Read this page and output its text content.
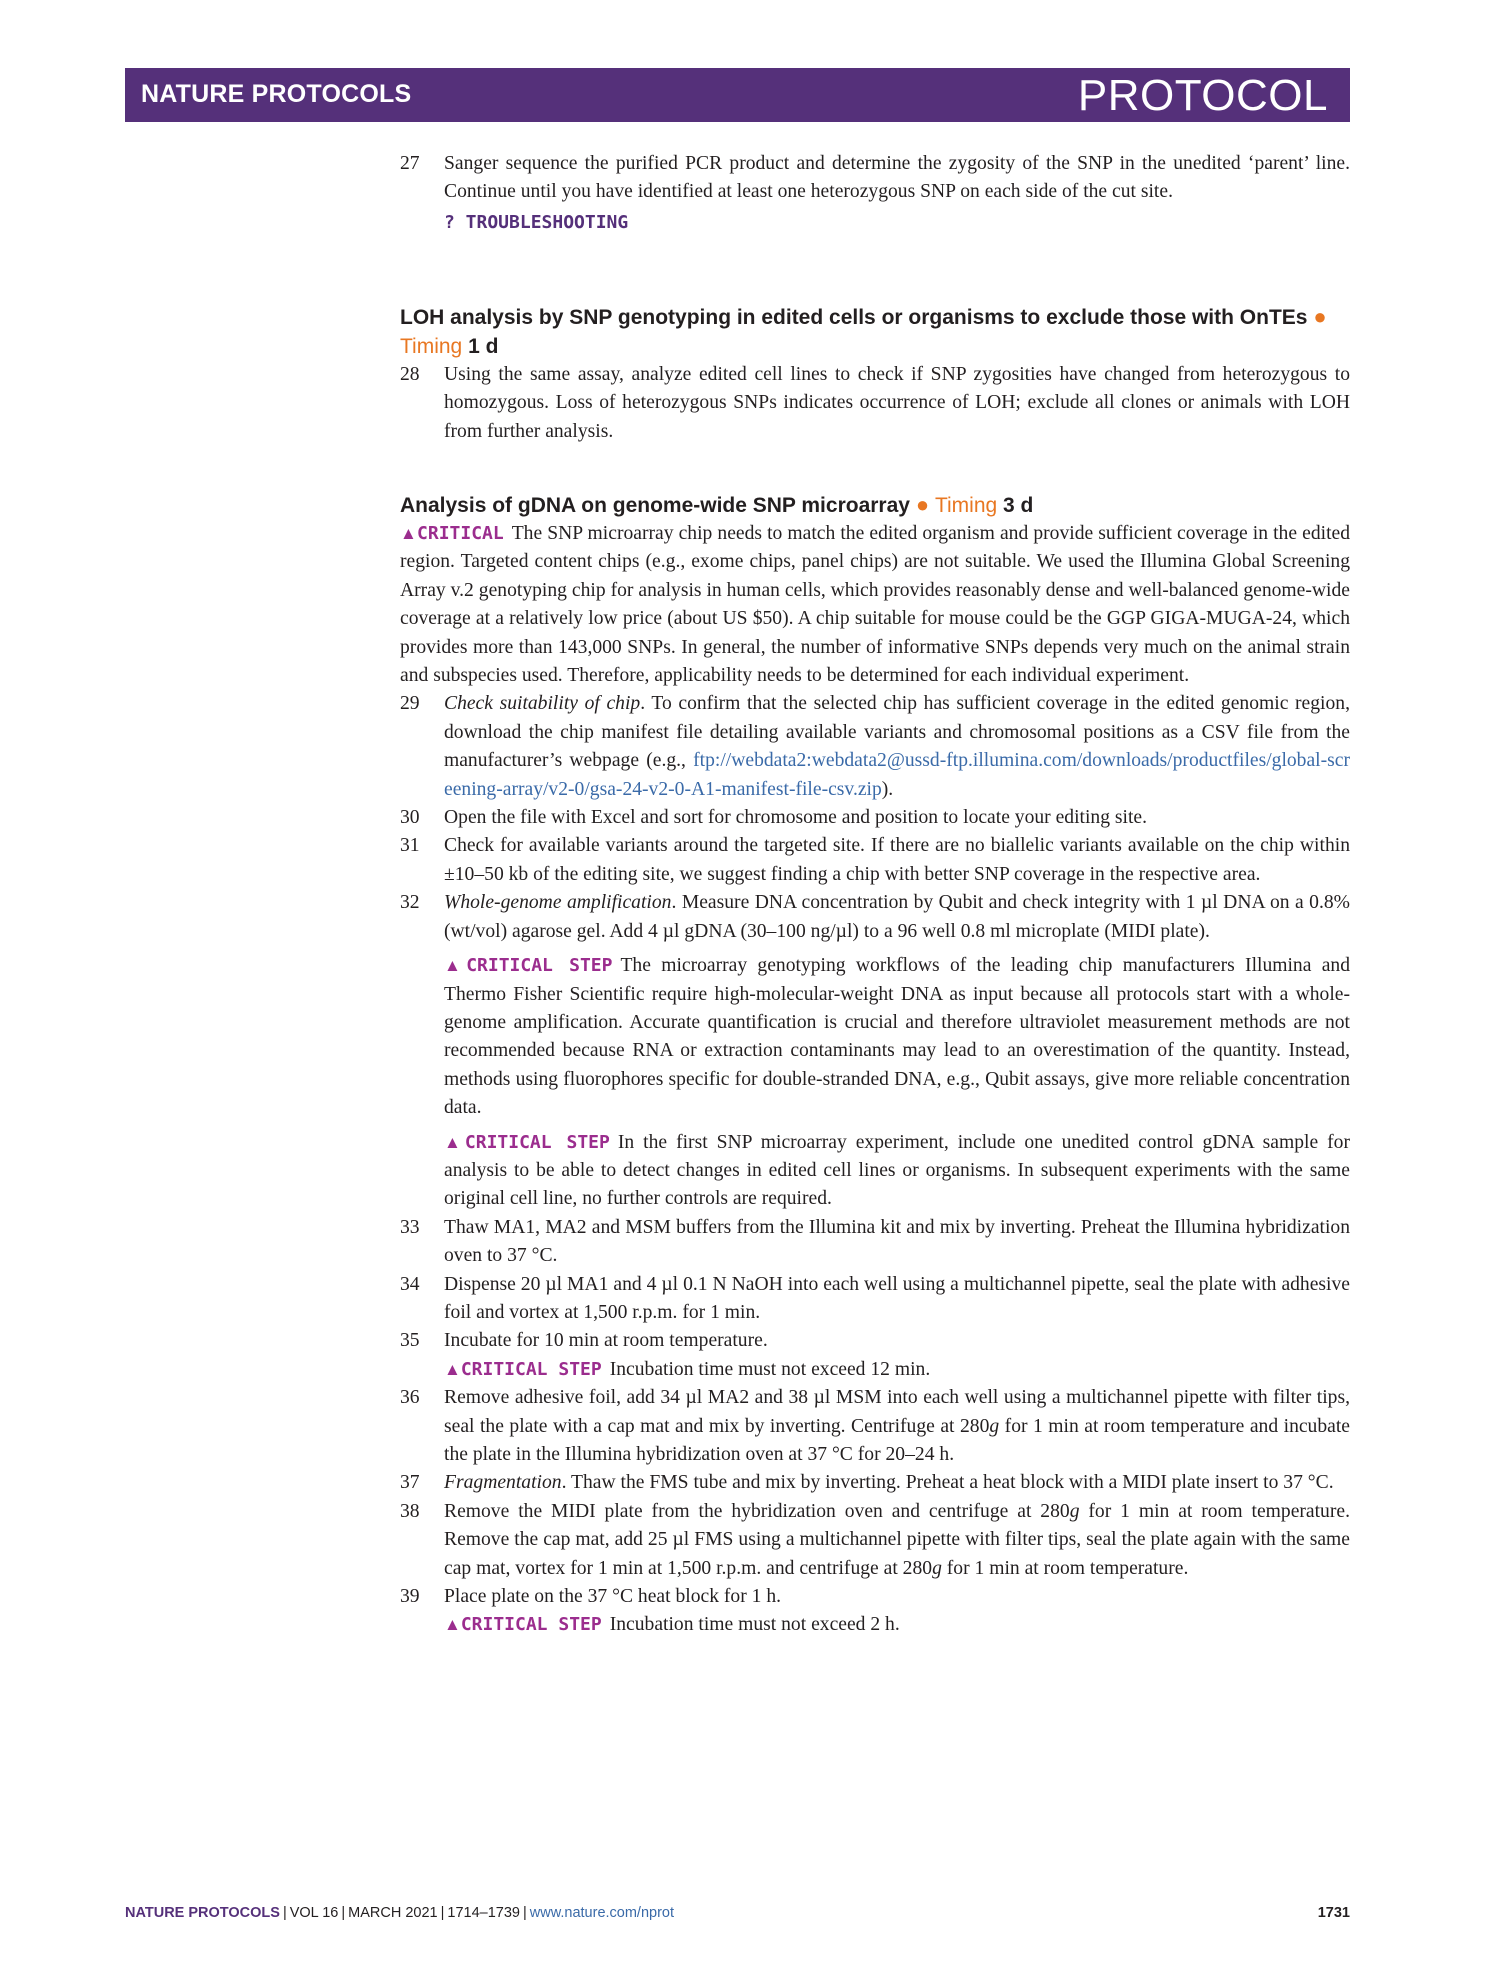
NATURE PROTOCOLS	PROTOCOL
27 Sanger sequence the purified PCR product and determine the zygosity of the SNP in the unedited ‘parent’ line. Continue until you have identified at least one heterozygous SNP on each side of the cut site.
? TROUBLESHOOTING
LOH analysis by SNP genotyping in edited cells or organisms to exclude those with OnTEs ● Timing 1 d
28 Using the same assay, analyze edited cell lines to check if SNP zygosities have changed from heterozygous to homozygous. Loss of heterozygous SNPs indicates occurrence of LOH; exclude all clones or animals with LOH from further analysis.
Analysis of gDNA on genome-wide SNP microarray ● Timing 3 d
▲CRITICAL The SNP microarray chip needs to match the edited organism and provide sufficient coverage in the edited region. Targeted content chips (e.g., exome chips, panel chips) are not suitable. We used the Illumina Global Screening Array v.2 genotyping chip for analysis in human cells, which provides reasonably dense and well-balanced genome-wide coverage at a relatively low price (about US $50). A chip suitable for mouse could be the GGP GIGA-MUGA-24, which provides more than 143,000 SNPs. In general, the number of informative SNPs depends very much on the animal strain and subspecies used. Therefore, applicability needs to be determined for each individual experiment.
29 Check suitability of chip. To confirm that the selected chip has sufficient coverage in the edited genomic region, download the chip manifest file detailing available variants and chromosomal positions as a CSV file from the manufacturer’s webpage (e.g., ftp://webdata2:webdata2@ussd-ftp.illumina.com/downloads/productfiles/global-screening-array/v2-0/gsa-24-v2-0-A1-manifest-file-csv.zip).
30 Open the file with Excel and sort for chromosome and position to locate your editing site.
31 Check for available variants around the targeted site. If there are no biallelic variants available on the chip within ±10–50 kb of the editing site, we suggest finding a chip with better SNP coverage in the respective area.
32 Whole-genome amplification. Measure DNA concentration by Qubit and check integrity with 1 µl DNA on a 0.8% (wt/vol) agarose gel. Add 4 µl gDNA (30–100 ng/µl) to a 96 well 0.8 ml microplate (MIDI plate).
▲CRITICAL STEP The microarray genotyping workflows of the leading chip manufacturers Illumina and Thermo Fisher Scientific require high-molecular-weight DNA as input because all protocols start with a whole-genome amplification. Accurate quantification is crucial and therefore ultraviolet measurement methods are not recommended because RNA or extraction contaminants may lead to an overestimation of the quantity. Instead, methods using fluorophores specific for double-stranded DNA, e.g., Qubit assays, give more reliable concentration data.
▲CRITICAL STEP In the first SNP microarray experiment, include one unedited control gDNA sample for analysis to be able to detect changes in edited cell lines or organisms. In subsequent experiments with the same original cell line, no further controls are required.
33 Thaw MA1, MA2 and MSM buffers from the Illumina kit and mix by inverting. Preheat the Illumina hybridization oven to 37 °C.
34 Dispense 20 µl MA1 and 4 µl 0.1 N NaOH into each well using a multichannel pipette, seal the plate with adhesive foil and vortex at 1,500 r.p.m. for 1 min.
35 Incubate for 10 min at room temperature.
▲CRITICAL STEP Incubation time must not exceed 12 min.
36 Remove adhesive foil, add 34 µl MA2 and 38 µl MSM into each well using a multichannel pipette with filter tips, seal the plate with a cap mat and mix by inverting. Centrifuge at 280g for 1 min at room temperature and incubate the plate in the Illumina hybridization oven at 37 °C for 20–24 h.
37 Fragmentation. Thaw the FMS tube and mix by inverting. Preheat a heat block with a MIDI plate insert to 37 °C.
38 Remove the MIDI plate from the hybridization oven and centrifuge at 280g for 1 min at room temperature. Remove the cap mat, add 25 µl FMS using a multichannel pipette with filter tips, seal the plate again with the same cap mat, vortex for 1 min at 1,500 r.p.m. and centrifuge at 280g for 1 min at room temperature.
39 Place plate on the 37 °C heat block for 1 h.
▲CRITICAL STEP Incubation time must not exceed 2 h.
NATURE PROTOCOLS | VOL 16 | MARCH 2021 | 1714–1739 | www.nature.com/nprot	1731
